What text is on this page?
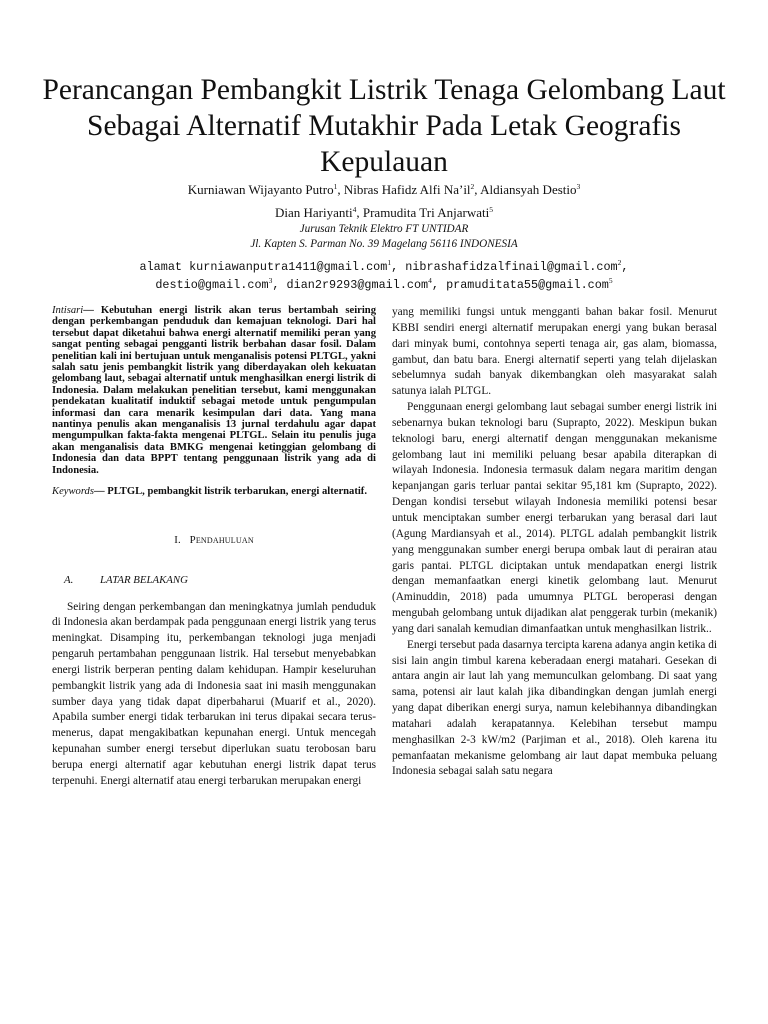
Perancangan Pembangkit Listrik Tenaga Gelombang Laut Sebagai Alternatif Mutakhir Pada Letak Geografis Kepulauan
Kurniawan Wijayanto Putro$^1$, Nibras Hafidz Alfi $Na’il^2$, Aldiansyah Destio$^3$
Dian Hariyanti$^4$, Pramudita Tri Anjarwati$^5$
Jurusan Teknik Elektro FT UNTIDAR
Jl. Kapten S. Parman No. 39 Magelang 56116 INDONESIA
alamat kurniawanputra1411@gmail.com$^1$, nibrashafidzalfinail@gmail.com$^2$,
destio@gmail.com$^3$, dian2r9293@gmail.com$^4$, pramuditata55@gmail.com$^5$

Intisari— Kebutuhan energi listrik akan terus bertambah seiring dengan perkembangan penduduk dan kemajuan teknologi. Dari hal tersebut dapat diketahui bahwa energi alternatif memiliki peran yang sangat penting sebagai pengganti listrik berbahan dasar fosil. Dalam penelitian kali ini bertujuan untuk menganalisis potensi PLTGL, yakni salah satu jenis pembangkit listrik yang diberdayakan oleh kekuatan gelombang laut, sebagai alternatif untuk menghasilkan energi listrik di Indonesia. Dalam melakukan penelitian tersebut, kami menggunakan pendekatan kualitatif induktif sebagai metode untuk pengumpulan informasi dan cara menarik kesimpulan dari data. Yang mana nantinya penulis akan menganalisis 13 jurnal terdahulu agar dapat mengumpulkan fakta-fakta mengenai PLTGL. Selain itu penulis juga akan menganalisis data BMKG mengenai ketinggian gelombang di Indonesia dan data BPPT tentang penggunaan listrik yang ada di Indonesia.

Keywords— PLTGL, pembangkit listrik terbarukan, energi alternatif.

I. Pendahuluan
A. LATAR BELAKANG

Seiring dengan perkembangan dan meningkatnya jumlah penduduk di Indonesia akan berdampak pada penggunaan energi listrik yang terus meningkat. Disamping itu, perkembangan teknologi juga menjadi pengaruh pertambahan penggunaan listrik. Hal tersebut menyebabkan energi listrik berperan penting dalam kehidupan. Hampir keseluruhan pembangkit listrik yang ada di Indonesia saat ini masih menggunakan sumber daya yang tidak dapat diperbaharui (Muarif et al., 2020). Apabila sumber energi tidak terbarukan ini terus dipakai secara terus-menerus, dapat mengakibatkan kepunahan energi. Untuk mencegah kepunahan sumber energi tersebut diperlukan suatu terobosan baru berupa energi alternatif agar kebutuhan energi listrik dapat terus terpenuhi. Energi alternatif atau energi terbarukan merupakan energi

yang memiliki fungsi untuk mengganti bahan bakar fosil. Menurut KBBI sendiri energi alternatif merupakan energi yang bukan berasal dari minyak bumi, contohnya seperti tenaga air, gas alam, biomassa, gambut, dan batu bara. Energi alternatif seperti yang telah dijelaskan sebelumnya sudah banyak dikembangkan oleh masyarakat salah satunya ialah PLTGL.

Penggunaan energi gelombang laut sebagai sumber energi listrik ini sebenarnya bukan teknologi baru (Suprapto, 2022). Meskipun bukan teknologi baru, energi alternatif dengan menggunakan mekanisme gelombang laut ini memiliki peluang besar apabila diterapkan di wilayah Indonesia. Indonesia termasuk dalam negara maritim dengan kepanjangan garis terluar pantai sekitar 95,181 km (Suprapto, 2022). Dengan kondisi tersebut wilayah Indonesia memiliki potensi besar untuk menciptakan sumber energi terbarukan yang berasal dari laut (Agung Mardiansyah et al., 2014). PLTGL adalah pembangkit listrik yang menggunakan sumber energi berupa ombak laut di perairan atau garis pantai. PLTGL diciptakan untuk mendapatkan energi listrik dengan memanfaatkan energi kinetik gelombang laut. Menurut (Aminuddin, 2018) pada umumnya PLTGL beroperasi dengan mengubah gelombang untuk dijadikan alat penggerak turbin (mekanik) yang dari sanalah kemudian dimanfaatkan untuk menghasilkan listrik..

Energi tersebut pada dasarnya tercipta karena adanya angin ketika di sisi lain angin timbul karena keberadaan energi matahari. Gesekan di antara angin air laut lah yang memunculkan gelombang. Di saat yang sama, potensi air laut kalah jika dibandingkan dengan jumlah energi yang dapat diberikan energi surya, namun kelebihannya dibandingkan matahari adalah kerapatannya. Kelebihan tersebut mampu menghasilkan 2-3 kW/m2 (Parjiman et al., 2018). Oleh karena itu pemanfaatan mekanisme gelombang air laut dapat membuka peluang Indonesia sebagai salah satu negara
